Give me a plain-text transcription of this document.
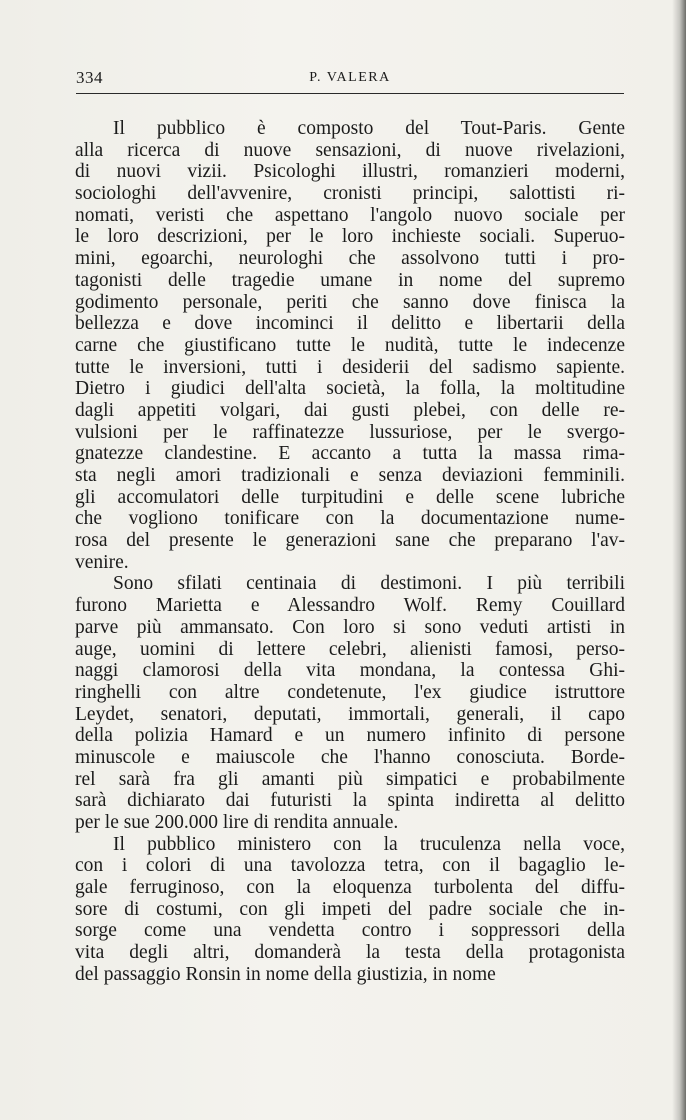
334	P. VALERA
Il pubblico è composto del Tout-Paris. Gente
alla ricerca di nuove sensazioni, di nuove rivelazioni,
di nuovi vizii. Psicologhi illustri, romanzieri moderni,
sociologhi dell'avvenire, cronisti principi, salottisti ri-
nomati, veristi che aspettano l'angolo nuovo sociale per
le loro descrizioni, per le loro inchieste sociali. Superuo-
mini, egoarchi, neurologhi che assolvono tutti i pro-
tagonisti delle tragedie umane in nome del supremo
godimento personale, periti che sanno dove finisca la
bellezza e dove incominci il delitto e libertarii della
carne che giustificano tutte le nudità, tutte le indecenze
tutte le inversioni, tutti i desiderii del sadismo sapiente.
Dietro i giudici dell'alta società, la folla, la moltitudine
dagli appetiti volgari, dai gusti plebei, con delle re-
vulsioni per le raffinatezze lussuriose, per le svergo-
gnatezze clandestine. E accanto a tutta la massa rima-
sta negli amori tradizionali e senza deviazioni femminili.
gli accomulatori delle turpitudini e delle scene lubriche
che vogliono tonificare con la documentazione nume-
rosa del presente le generazioni sane che preparano l'av-
venire.
Sono sfilati centinaia di destimoni. I più terribili
furono Marietta e Alessandro Wolf. Remy Couillard
parve più ammansato. Con loro si sono veduti artisti in
auge, uomini di lettere celebri, alienisti famosi, perso-
naggi clamorosi della vita mondana, la contessa Ghi-
ringhelli con altre condetenute, l'ex giudice istruttore
Leydet, senatori, deputati, immortali, generali, il capo
della polizia Hamard e un numero infinito di persone
minuscole e maiuscole che l'hanno conosciuta. Borde-
rel sarà fra gli amanti più simpatici e probabilmente
sarà dichiarato dai futuristi la spinta indiretta al delitto
per le sue 200.000 lire di rendita annuale.
Il pubblico ministero con la truculenza nella voce,
con i colori di una tavolozza tetra, con il bagaglio le-
gale ferruginoso, con la eloquenza turbolenta del diffu-
sore di costumi, con gli impeti del padre sociale che in-
sorge come una vendetta contro i soppressori della
vita degli altri, domanderà la testa della protagonista
del passaggio Ronsin in nome della giustizia, in nome
